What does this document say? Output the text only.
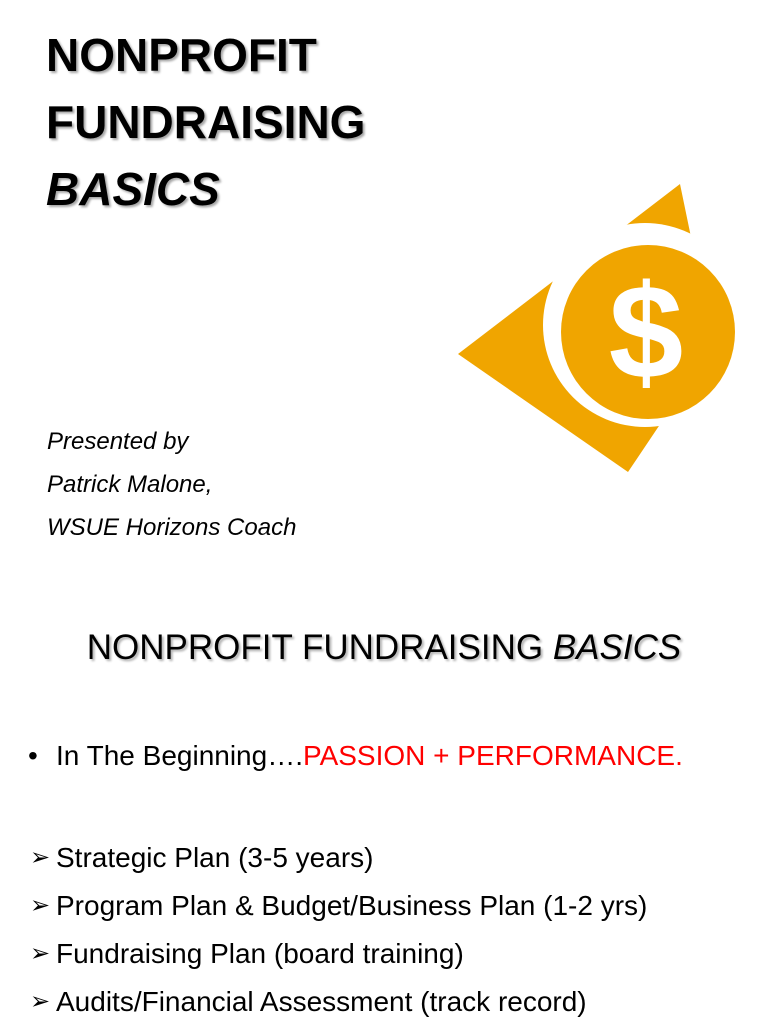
NONPROFIT
FUNDRAISING
BASICS
$
Presented by
Patrick Malone,
WSUE Horizons Coach
NONPROFIT FUNDRAISING BASICS
• In The Beginning….PASSION + PERFORMANCE.
➢ Strategic Plan (3-5 years)
➢ Program Plan & Budget/Business Plan (1-2 yrs)
➢ Fundraising Plan (board training)
➢ Audits/Financial Assessment (track record)
